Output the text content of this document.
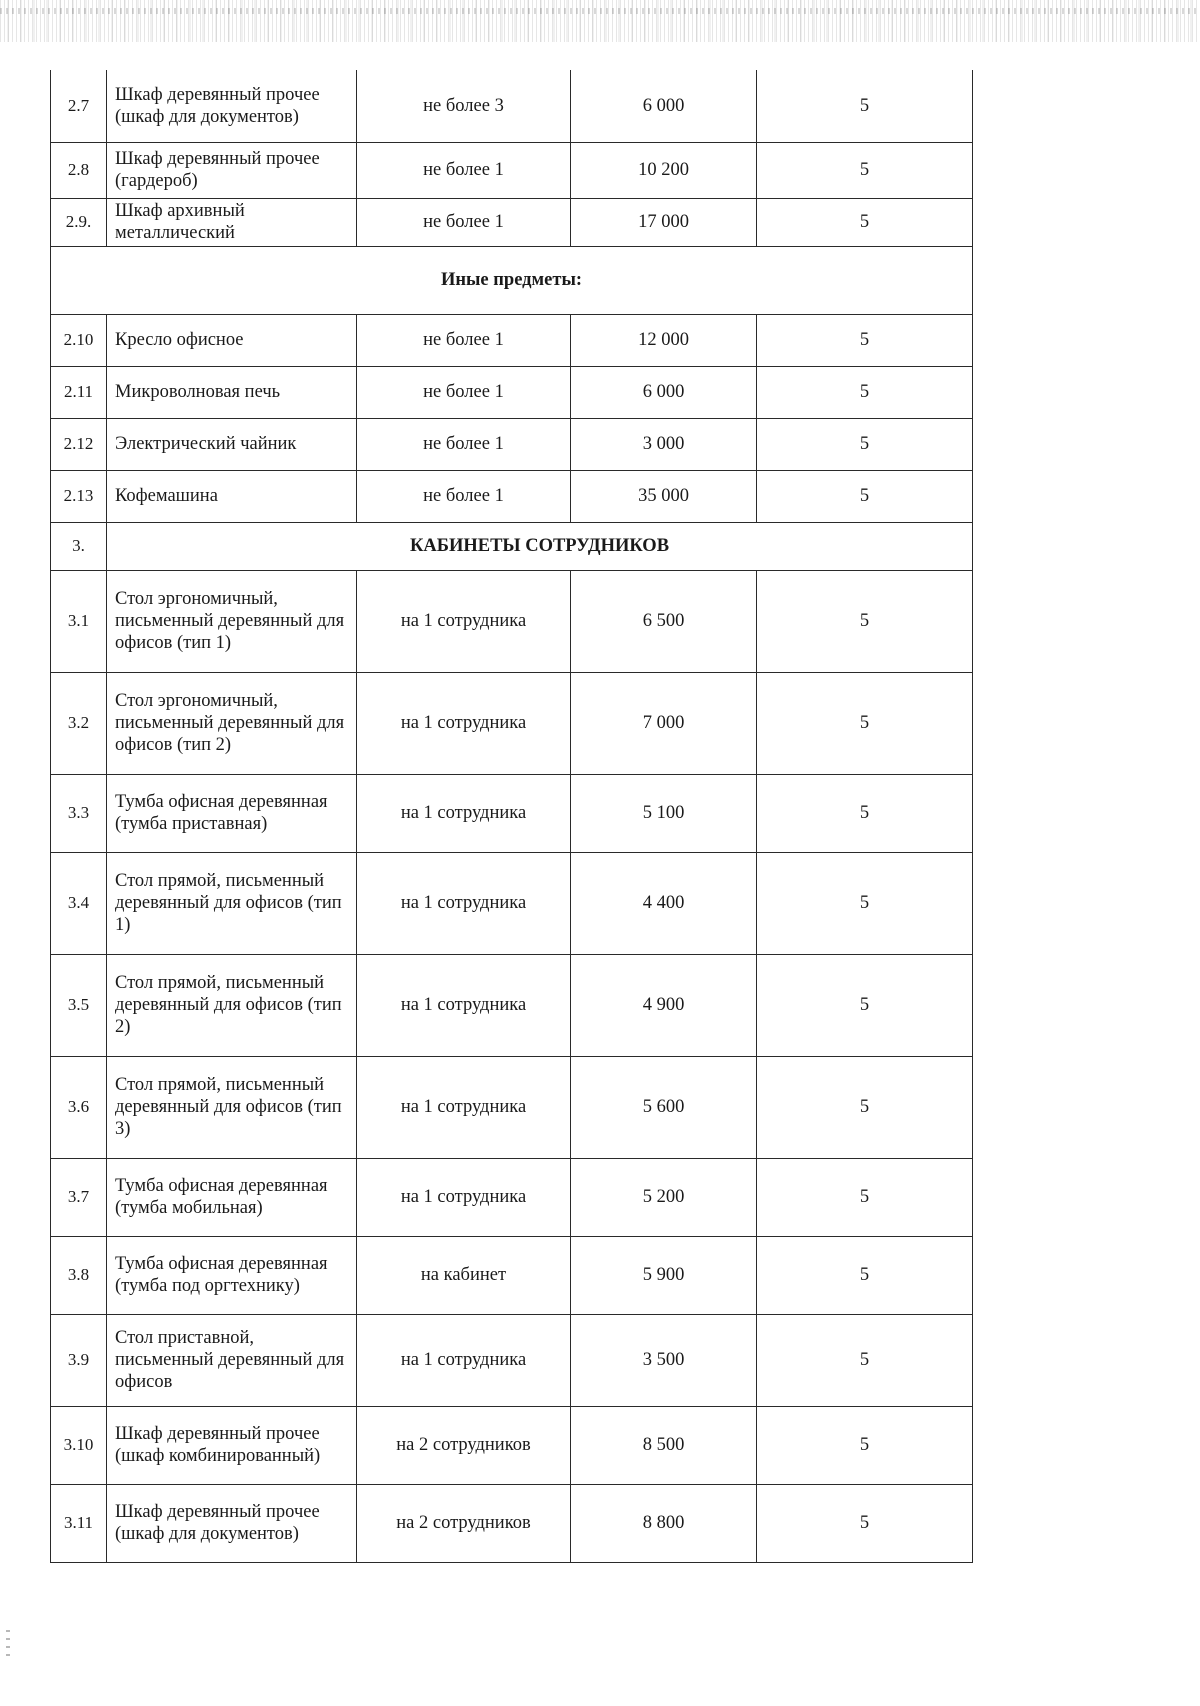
2.7	Шкаф деревянный прочее (шкаф для документов)	не более 3	6 000	5
2.8	Шкаф деревянный прочее (гардероб)	не более 1	10 200	5
2.9.	Шкаф архивный металлический	не более 1	17 000	5
Иные предметы:				
2.10	Кресло офисное	не более 1	12 000	5
2.11	Микроволновая печь	не более 1	6 000	5
2.12	Электрический чайник	не более 1	3 000	5
2.13	Кофемашина	не более 1	35 000	5
3.	КАБИНЕТЫ СОТРУДНИКОВ			
3.1	Стол эргономичный, письменный деревянный для офисов (тип 1)	на 1 сотрудника	6 500	5
3.2	Стол эргономичный, письменный деревянный для офисов (тип 2)	на 1 сотрудника	7 000	5
3.3	Тумба офисная деревянная (тумба приставная)	на 1 сотрудника	5 100	5
3.4	Стол прямой, письменный деревянный для офисов (тип 1)	на 1 сотрудника	4 400	5
3.5	Стол прямой, письменный деревянный для офисов (тип 2)	на 1 сотрудника	4 900	5
3.6	Стол прямой, письменный деревянный для офисов (тип 3)	на 1 сотрудника	5 600	5
3.7	Тумба офисная деревянная (тумба мобильная)	на 1 сотрудника	5 200	5
3.8	Тумба офисная деревянная (тумба под оргтехнику)	на кабинет	5 900	5
3.9	Стол приставной, письменный деревянный для офисов	на 1 сотрудника	3 500	5
3.10	Шкаф деревянный прочее (шкаф комбинированный)	на 2 сотрудников	8 500	5
3.11	Шкаф деревянный прочее (шкаф для документов)	на 2 сотрудников	8 800	5
